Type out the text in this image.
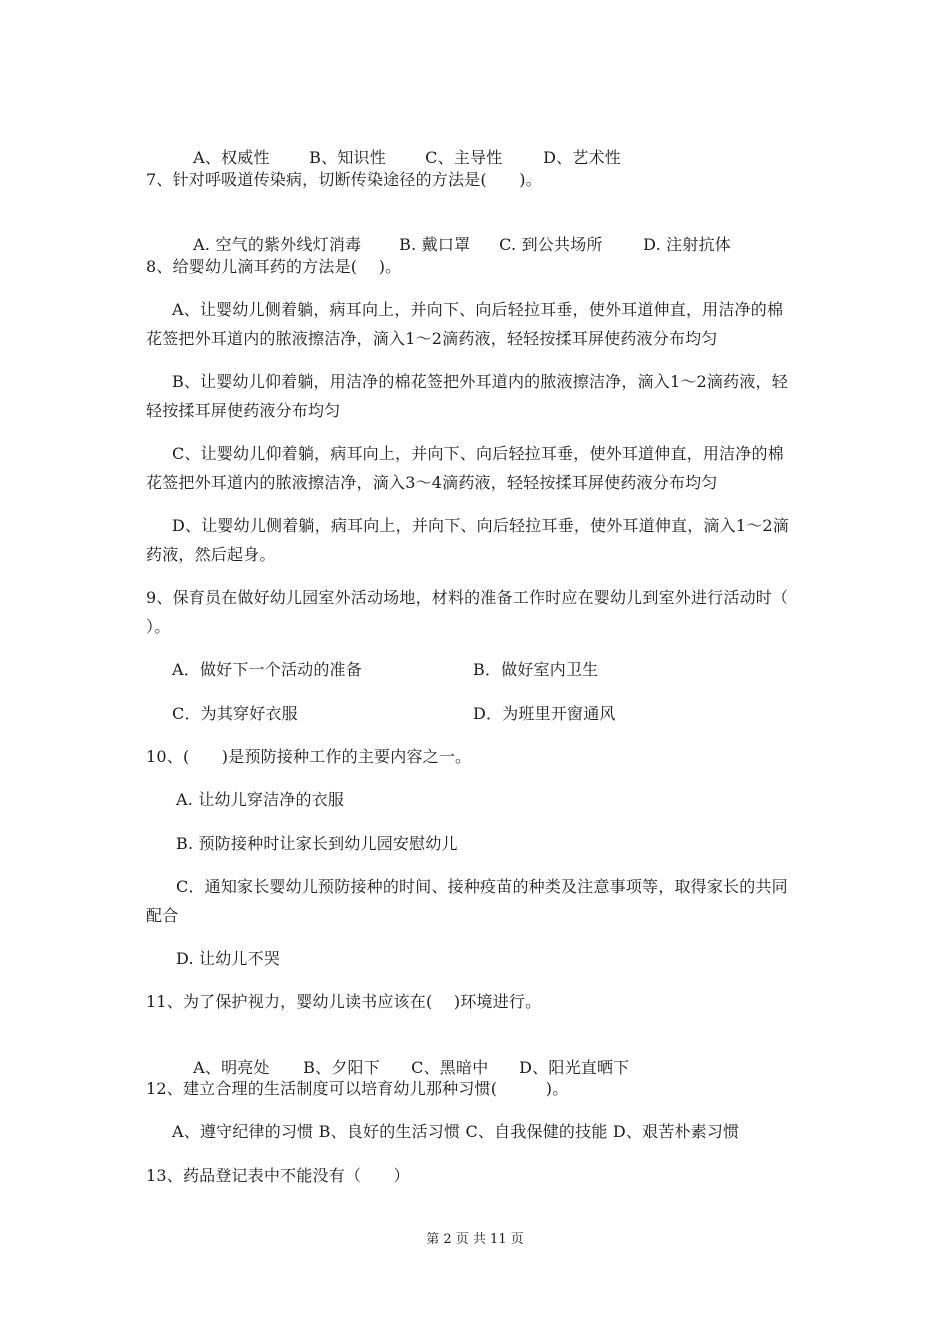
A、权威性 B、知识性 C、主导性	D、艺术性

7、针对呼吸道传染病，切断传染途径的方法是(　　)。

A. 空气的紫外线灯消毒 B. 戴口罩 C. 到公共场所	D. 注射抗体

8、给婴幼儿滴耳药的方法是(　 )。
A、让婴幼儿侧着躺，病耳向上，并向下、向后轻拉耳垂，使外耳道伸直，用洁净的棉
花签把外耳道内的脓液擦洁净，滴入1～2滴药液，轻轻按揉耳屏使药液分布均匀
B、让婴幼儿仰着躺，用洁净的棉花签把外耳道内的脓液擦洁净，滴入1～2滴药液，轻
轻按揉耳屏使药液分布均匀
C、让婴幼儿仰着躺，病耳向上，并向下、向后轻拉耳垂，使外耳道伸直，用洁净的棉
花签把外耳道内的脓液擦洁净，滴入3～4滴药液，轻轻按揉耳屏使药液分布均匀
D、让婴幼儿侧着躺，病耳向上，并向下、向后轻拉耳垂，使外耳道伸直，滴入1～2滴
药液，然后起身。
9、保育员在做好幼儿园室外活动场地，材料的准备工作时应在婴幼儿到室外进行活动时（
）。
A．做好下一个活动的准备	B．做好室内卫生
C．为其穿好衣服	D．为班里开窗通风
10、(　　)是预防接种工作的主要内容之一。
A. 让幼儿穿洁净的衣服
B. 预防接种时让家长到幼儿园安慰幼儿
C．通知家长婴幼儿预防接种的时间、接种疫苗的种类及注意事项等，取得家长的共同
配合
D. 让幼儿不哭
11、为了保护视力，婴幼儿读书应该在(　 )环境进行。

A、明亮处 B、夕阳下 C、黑暗中 D、阳光直晒下

12、建立合理的生活制度可以培育幼儿那种习惯(　　　)。
A、遵守纪律的习惯 B、良好的生活习惯 C、自我保健的技能 D、艰苦朴素习惯
13、药品登记表中不能没有（　　）
第 2 页 共 11 页
